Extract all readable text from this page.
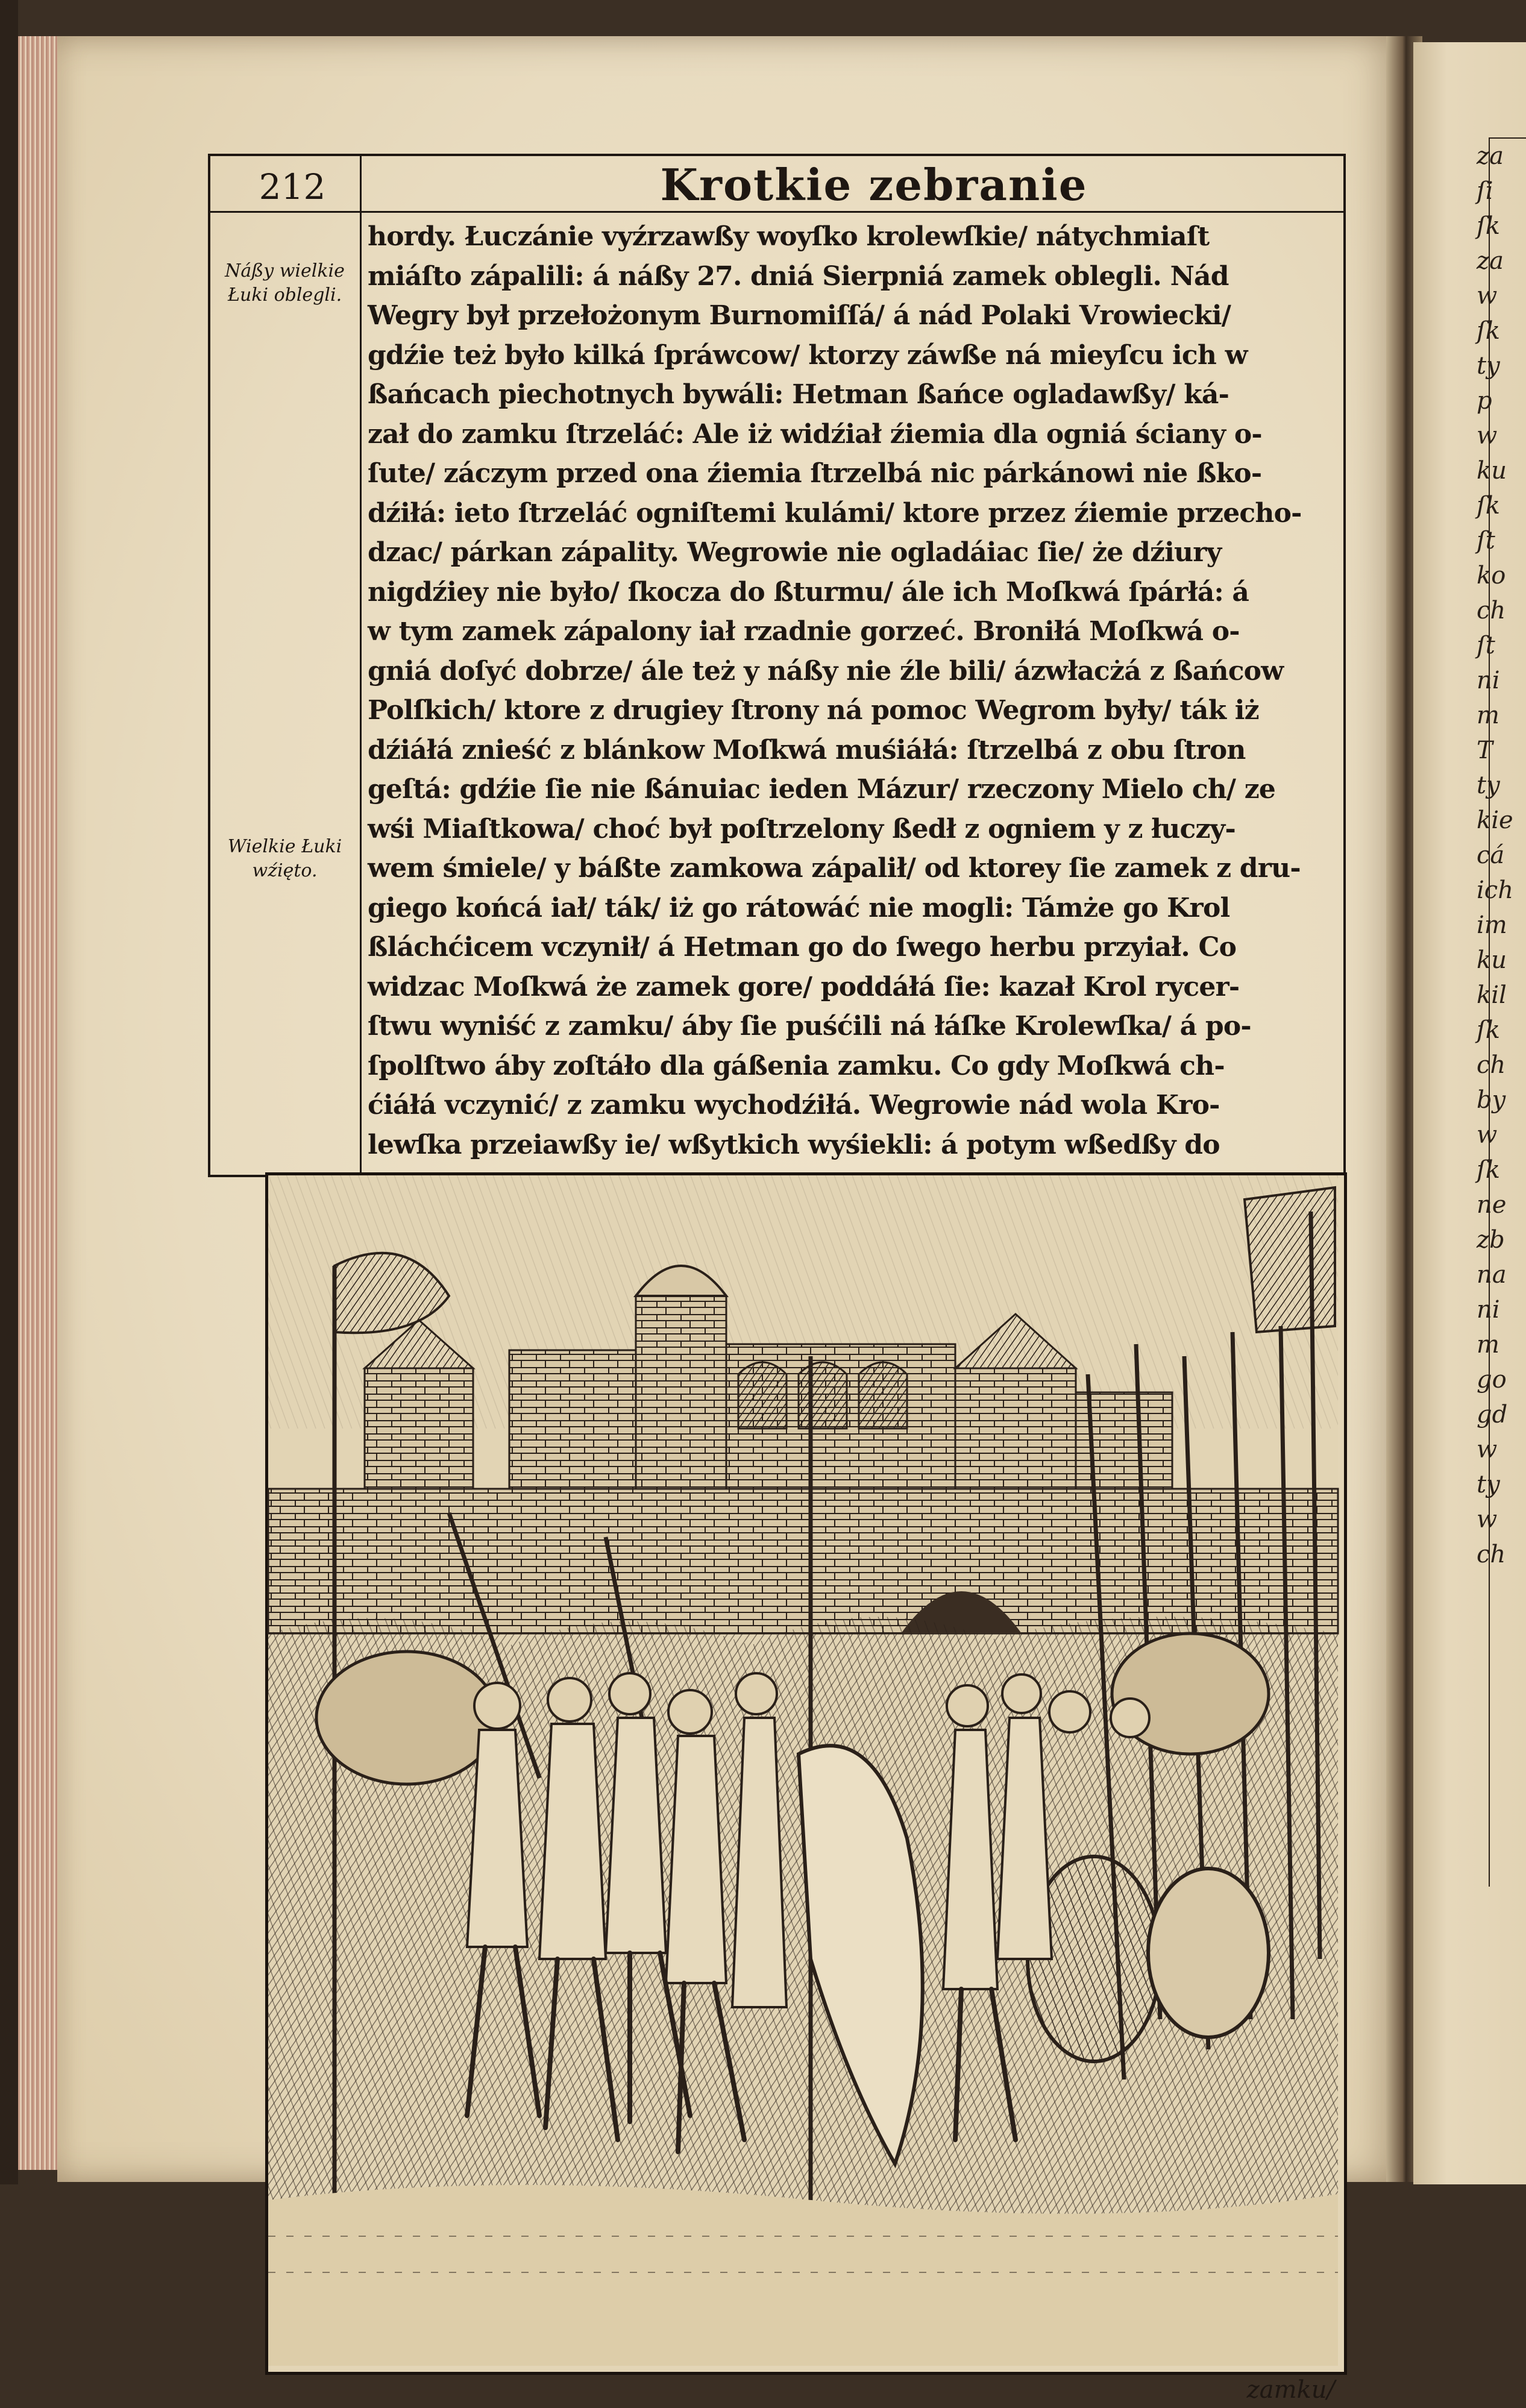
za
ſi
ſk
za
w
ſk
ty
p
w
ku
ſk
ſt
ko
ch
ſt
ni
m
T
ty
kie
cá
ich
im
ku
kil
ſk
ch
by
w
ſk
ne
zb
na
ni
m
go
gd
w
ty
w
ch
212	Krotkie zebranie
Náßy wielkie
Łuki oblegli.
Wielkie Łuki
wźięto.
hordy. Łuczánie vyźrzawßy woyſko krolewſkie/ nátychmiaſt
miáſto zápalili: á náßy 27. dniá Sierpniá zamek oblegli. Nád
Wegry był przełożonym Burnomiſſá/ á nád Polaki Vrowiecki/
gdźie też było kilká ſpráwcow/ ktorzy záwße ná mieyſcu ich w
ßańcach piechotnych bywáli: Hetman ßańce ogladawßy/ ká-
zał do zamku ſtrzeláć: Ale iż widźiał źiemia dla ogniá ściany o-
ſute/ záczym przed ona źiemia ſtrzelbá nic párkánowi nie ßko-
dźiłá: ieto ſtrzeláć ogniſtemi kulámi/ ktore przez źiemie przecho-
dzac/ párkan zápality. Wegrowie nie ogladáiac ſie/ że dźiury
nigdźiey nie było/ ſkocza do ßturmu/ ále ich Moſkwá ſpárłá: á
w tym zamek zápalony iał rzadnie gorzeć. Broniłá Moſkwá o-
gniá doſyć dobrze/ ále też y náßy nie źle bili/ ázwłacżá z ßańcow
Polſkich/ ktore z drugiey ſtrony ná pomoc Wegrom były/ ták iż
dźiáłá znieść z blánkow Moſkwá muśiáłá: ſtrzelbá z obu ſtron
geſtá: gdźie ſie nie ßánuiac ieden Mázur/ rzeczony Mielo ch/ ze
wśi Miaſtkowa/ choć był poſtrzelony ßedł z ogniem y z łuczy-
wem śmiele/ y báßte zamkowa zápalił/ od ktorey ſie zamek z dru-
giego końcá iał/ ták/ iż go rátowáć nie mogli: Támże go Krol
ßláchćicem vczynił/ á Hetman go do ſwego herbu przyiał. Co
widzac Moſkwá że zamek gore/ poddáłá ſie: kazał Krol rycer-
ſtwu wyniść z zamku/ áby ſie puśćili ná łáſke Krolewſka/ á po-
ſpolſtwo áby zoſtáło dla gáßenia zamku. Co gdy Moſkwá ch-
ćiáłá vczynić/ z zamku wychodźiłá. Wegrowie nád wola Kro-
lewſka przeiawßy ie/ wßytkich wyśiekli: á potym wßedßy do
zamku/
